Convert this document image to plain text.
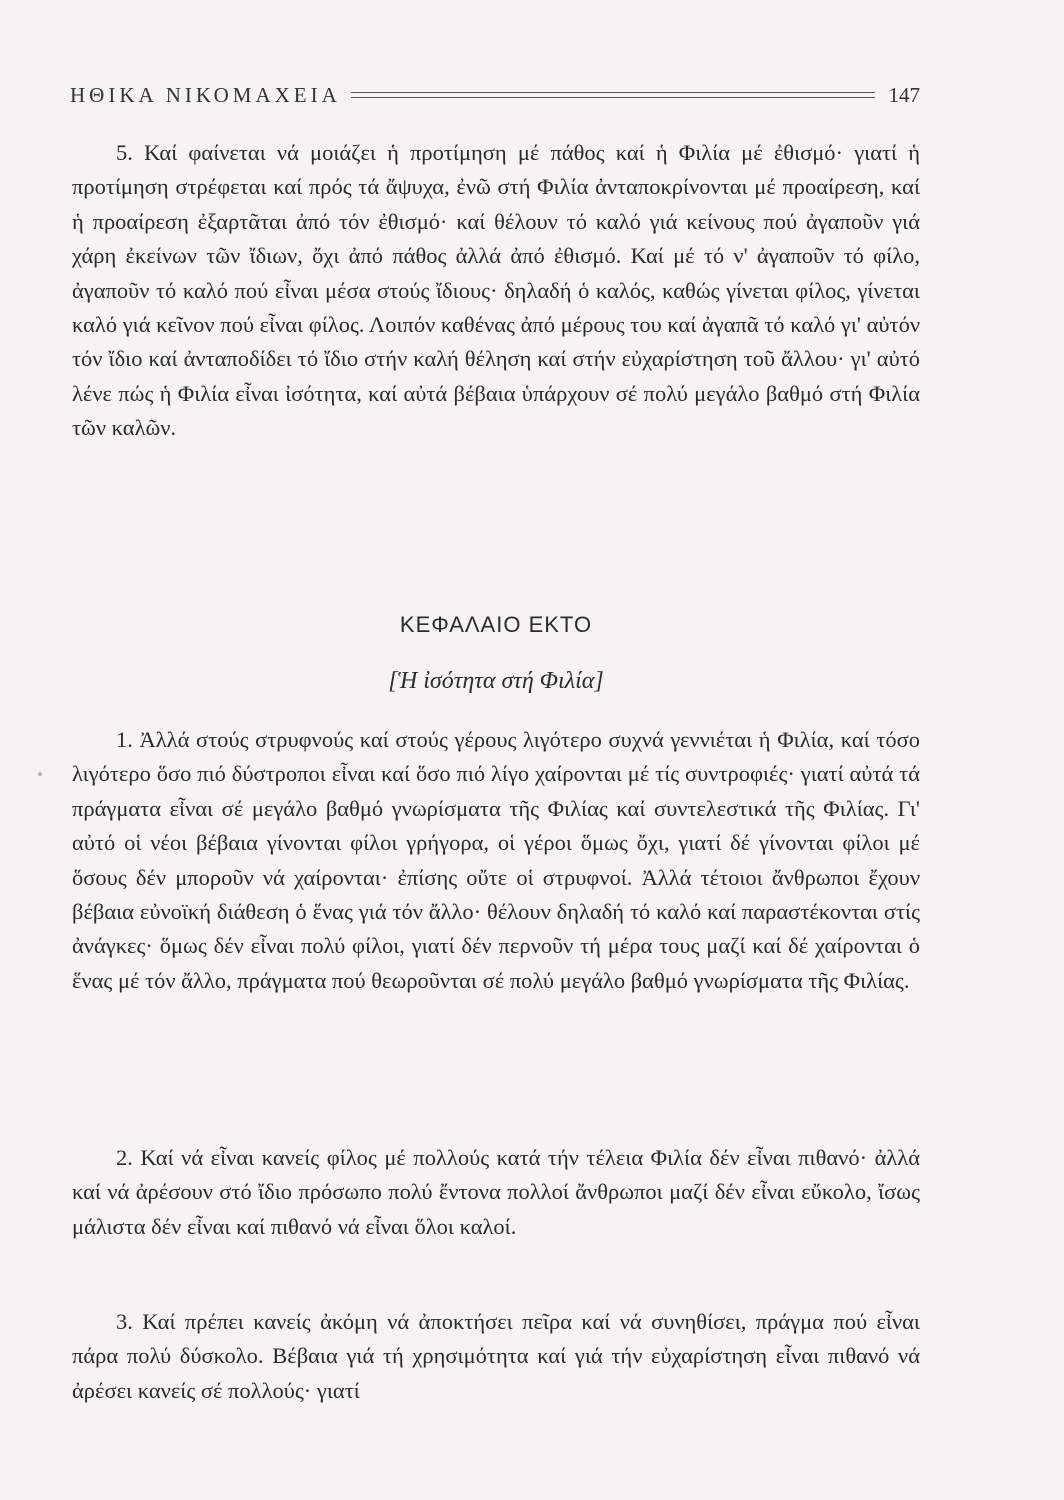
ΗΘΙΚΑ ΝΙΚΟΜΑΧΕΙΑ	147

5. Καί φαίνεται νά μοιάζει ἡ προτίμηση μέ πάθος καί ἡ Φιλία μέ ἐθισμό· γιατί ἡ προτίμηση στρέφεται καί πρός τά ἄψυχα, ἐνῶ στή Φιλία ἀνταποκρίνονται μέ προαίρεση, καί ἡ προαίρεση ἐξαρτᾶται ἀπό τόν ἐθισμό· καί θέλουν τό καλό γιά κείνους πού ἀγαποῦν γιά χάρη ἐκείνων τῶν ἴδιων, ὄχι ἀπό πάθος ἀλλά ἀπό ἐθισμό. Καί μέ τό ν' ἀγαποῦν τό φίλο, ἀγαποῦν τό καλό πού εἶναι μέσα στούς ἴδιους· δηλαδή ὁ καλός, καθώς γίνεται φίλος, γίνεται καλό γιά κεῖνον πού εἶναι φίλος. Λοιπόν καθένας ἀπό μέρους του καί ἀγαπᾶ τό καλό γι' αὐτόν τόν ἴδιο καί ἀνταποδίδει τό ἴδιο στήν καλή θέληση καί στήν εὐχαρίστηση τοῦ ἄλλου· γι' αὐτό λένε πώς ἡ Φιλία εἶναι ἰσότητα, καί αὐτά βέβαια ὑπάρχουν σέ πολύ μεγάλο βαθμό στή Φιλία τῶν καλῶν.

ΚΕΦΑΛΑΙΟ ΕΚΤΟ
[Ἡ ἰσότητα στή Φιλία]

1. Ἀλλά στούς στρυφνούς καί στούς γέρους λιγότερο συχνά γεννιέται ἡ Φιλία, καί τόσο λιγότερο ὅσο πιό δύστροποι εἶναι καί ὅσο πιό λίγο χαίρονται μέ τίς συντροφιές· γιατί αὐτά τά πράγματα εἶναι σέ μεγάλο βαθμό γνωρίσματα τῆς Φιλίας καί συντελεστικά τῆς Φιλίας. Γι' αὐτό οἱ νέοι βέβαια γίνονται φίλοι γρήγορα, οἱ γέροι ὅμως ὄχι, γιατί δέ γίνονται φίλοι μέ ὅσους δέν μποροῦν νά χαίρονται· ἐπίσης οὔτε οἱ στρυφνοί. Ἀλλά τέτοιοι ἄνθρωποι ἔχουν βέβαια εὐνοϊκή διάθεση ὁ ἕνας γιά τόν ἄλλο· θέλουν δηλαδή τό καλό καί παραστέκονται στίς ἀνάγκες· ὅμως δέν εἶναι πολύ φίλοι, γιατί δέν περνοῦν τή μέρα τους μαζί καί δέ χαίρονται ὁ ἕνας μέ τόν ἄλλο, πράγματα πού θεωροῦνται σέ πολύ μεγάλο βαθμό γνωρίσματα τῆς Φιλίας.

2. Καί νά εἶναι κανείς φίλος μέ πολλούς κατά τήν τέλεια Φιλία δέν εἶναι πιθανό· ἀλλά καί νά ἀρέσουν στό ἴδιο πρόσωπο πολύ ἔντονα πολλοί ἄνθρωποι μαζί δέν εἶναι εὔκολο, ἴσως μάλιστα δέν εἶναι καί πιθανό νά εἶναι ὅλοι καλοί.

3. Καί πρέπει κανείς ἀκόμη νά ἀποκτήσει πεῖρα καί νά συνηθίσει, πράγμα πού εἶναι πάρα πολύ δύσκολο. Βέβαια γιά τή χρησιμότητα καί γιά τήν εὐχαρίστηση εἶναι πιθανό νά ἀρέσει κανείς σέ πολλούς· γιατί
